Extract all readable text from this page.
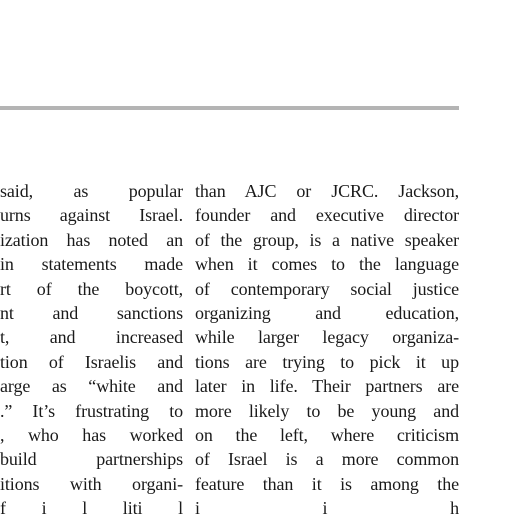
said, as popular
urns against Israel.
ization has noted an
in statements made
rt of the boycott,
nt and sanctions
t, and increased
tion of Israelis and
arge as “white and
.” It’s frustrating to
, who has worked
build partnerships
itions with organi-
f i l liti l
than AJC or JCRC. Jackson,
founder and executive director
of the group, is a native speaker
when it comes to the language
of contemporary social justice
organizing and education,
while larger legacy organiza-
tions are trying to pick it up
later in life. Their partners are
more likely to be young and
on the left, where criticism
of Israel is a more common
feature than it is among the
i i h
